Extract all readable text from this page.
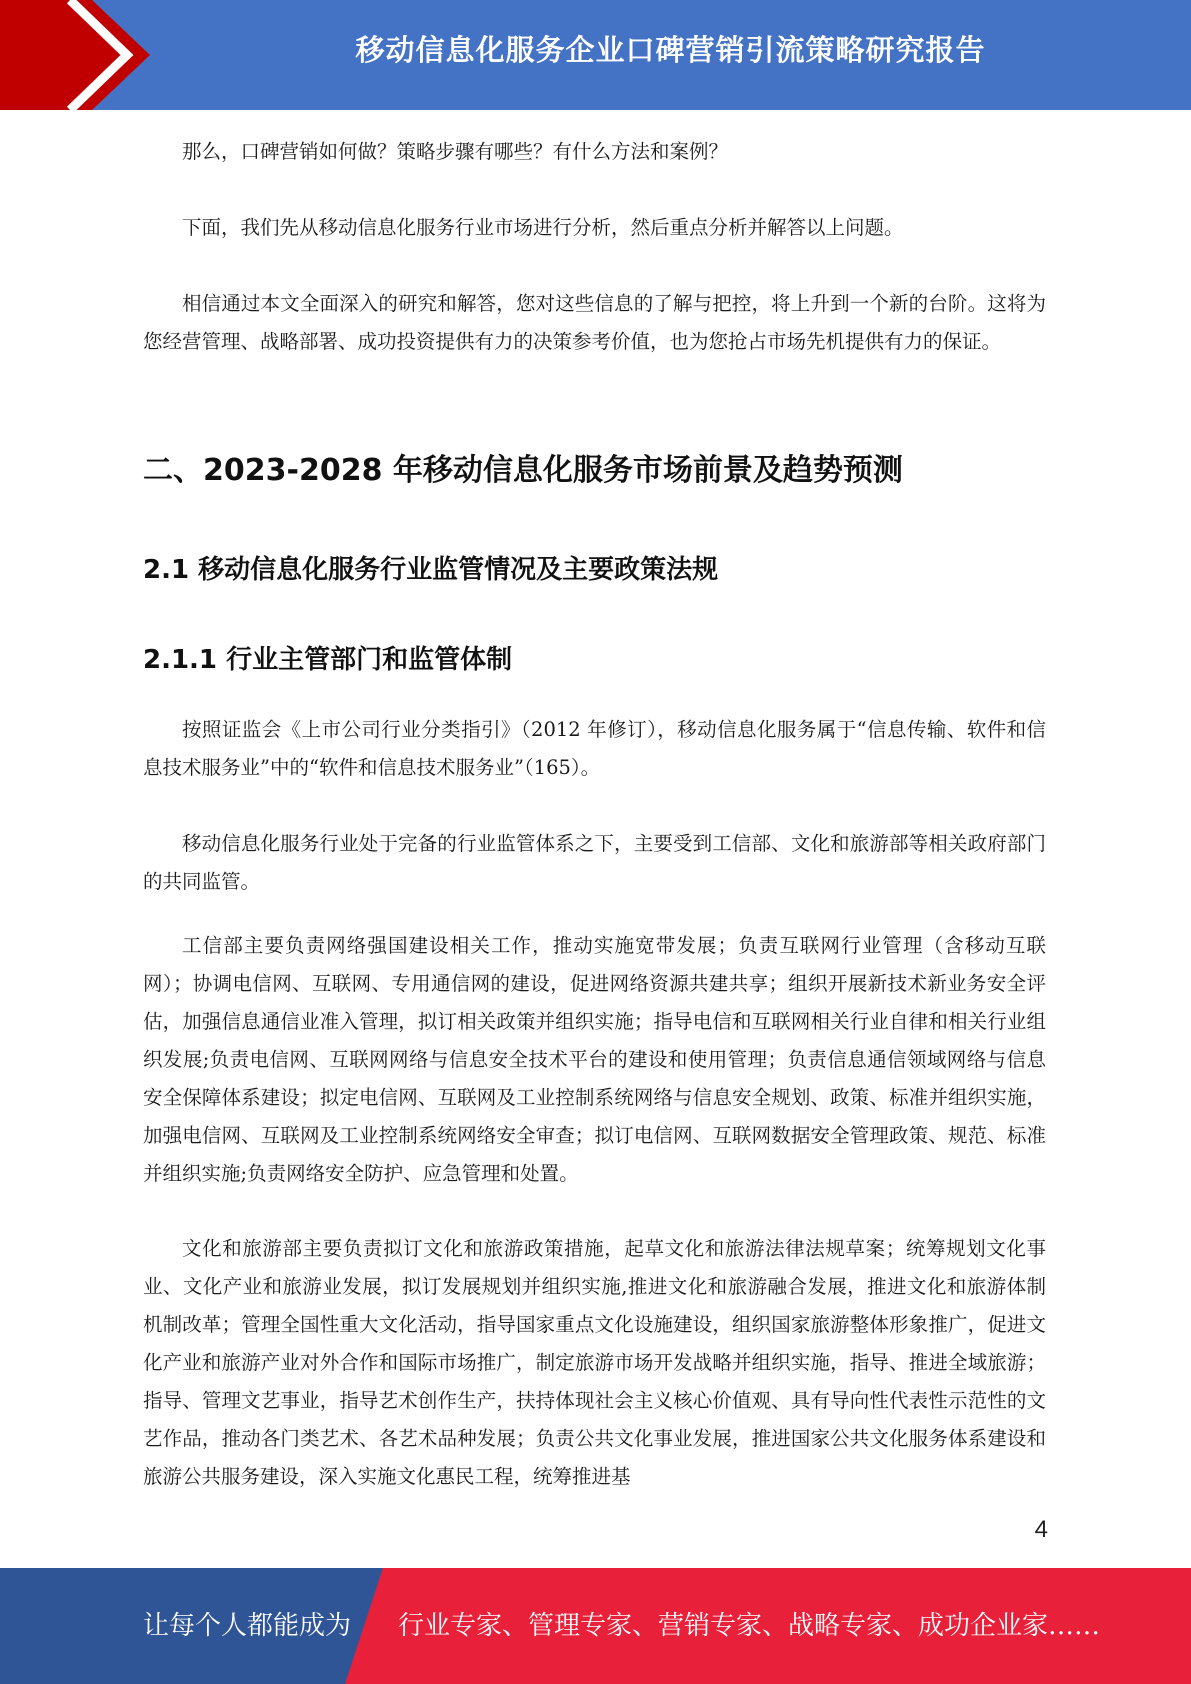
移动信息化服务企业口碑营销引流策略研究报告

那么，口碑营销如何做？策略步骤有哪些？有什么方法和案例？

下面，我们先从移动信息化服务行业市场进行分析，然后重点分析并解答以上问题。

相信通过本文全面深入的研究和解答，您对这些信息的了解与把控，将上升到一个新的台阶。这将为您经营管理、战略部署、成功投资提供有力的决策参考价值，也为您抢占市场先机提供有力的保证。

二、2023-2028 年移动信息化服务市场前景及趋势预测
2.1 移动信息化服务行业监管情况及主要政策法规
2.1.1 行业主管部门和监管体制

按照证监会《上市公司行业分类指引》（2012 年修订），移动信息化服务属于“信息传输、软件和信息技术服务业”中的“软件和信息技术服务业”（165）。

移动信息化服务行业处于完备的行业监管体系之下，主要受到工信部、文化和旅游部等相关政府部门的共同监管。

工信部主要负责网络强国建设相关工作，推动实施宽带发展；负责互联网行业管理（含移动互联网）；协调电信网、互联网、专用通信网的建设，促进网络资源共建共享；组织开展新技术新业务安全评估，加强信息通信业准入管理，拟订相关政策并组织实施；指导电信和互联网相关行业自律和相关行业组织发展;负责电信网、互联网网络与信息安全技术平台的建设和使用管理；负责信息通信领域网络与信息安全保障体系建设；拟定电信网、互联网及工业控制系统网络与信息安全规划、政策、标准并组织实施，加强电信网、互联网及工业控制系统网络安全审查；拟订电信网、互联网数据安全管理政策、规范、标准并组织实施;负责网络安全防护、应急管理和处置。

文化和旅游部主要负责拟订文化和旅游政策措施，起草文化和旅游法律法规草案；统筹规划文化事业、文化产业和旅游业发展，拟订发展规划并组织实施,推进文化和旅游融合发展，推进文化和旅游体制机制改革；管理全国性重大文化活动，指导国家重点文化设施建设，组织国家旅游整体形象推广，促进文化产业和旅游产业对外合作和国际市场推广，制定旅游市场开发战略并组织实施，指导、推进全域旅游；指导、管理文艺事业，指导艺术创作生产，扶持体现社会主义核心价值观、具有导向性代表性示范性的文艺作品，推动各门类艺术、各艺术品种发展；负责公共文化事业发展，推进国家公共文化服务体系建设和旅游公共服务建设，深入实施文化惠民工程，统筹推进基

4
让每个人都能成为 行业专家、管理专家、营销专家、战略专家、成功企业家……
